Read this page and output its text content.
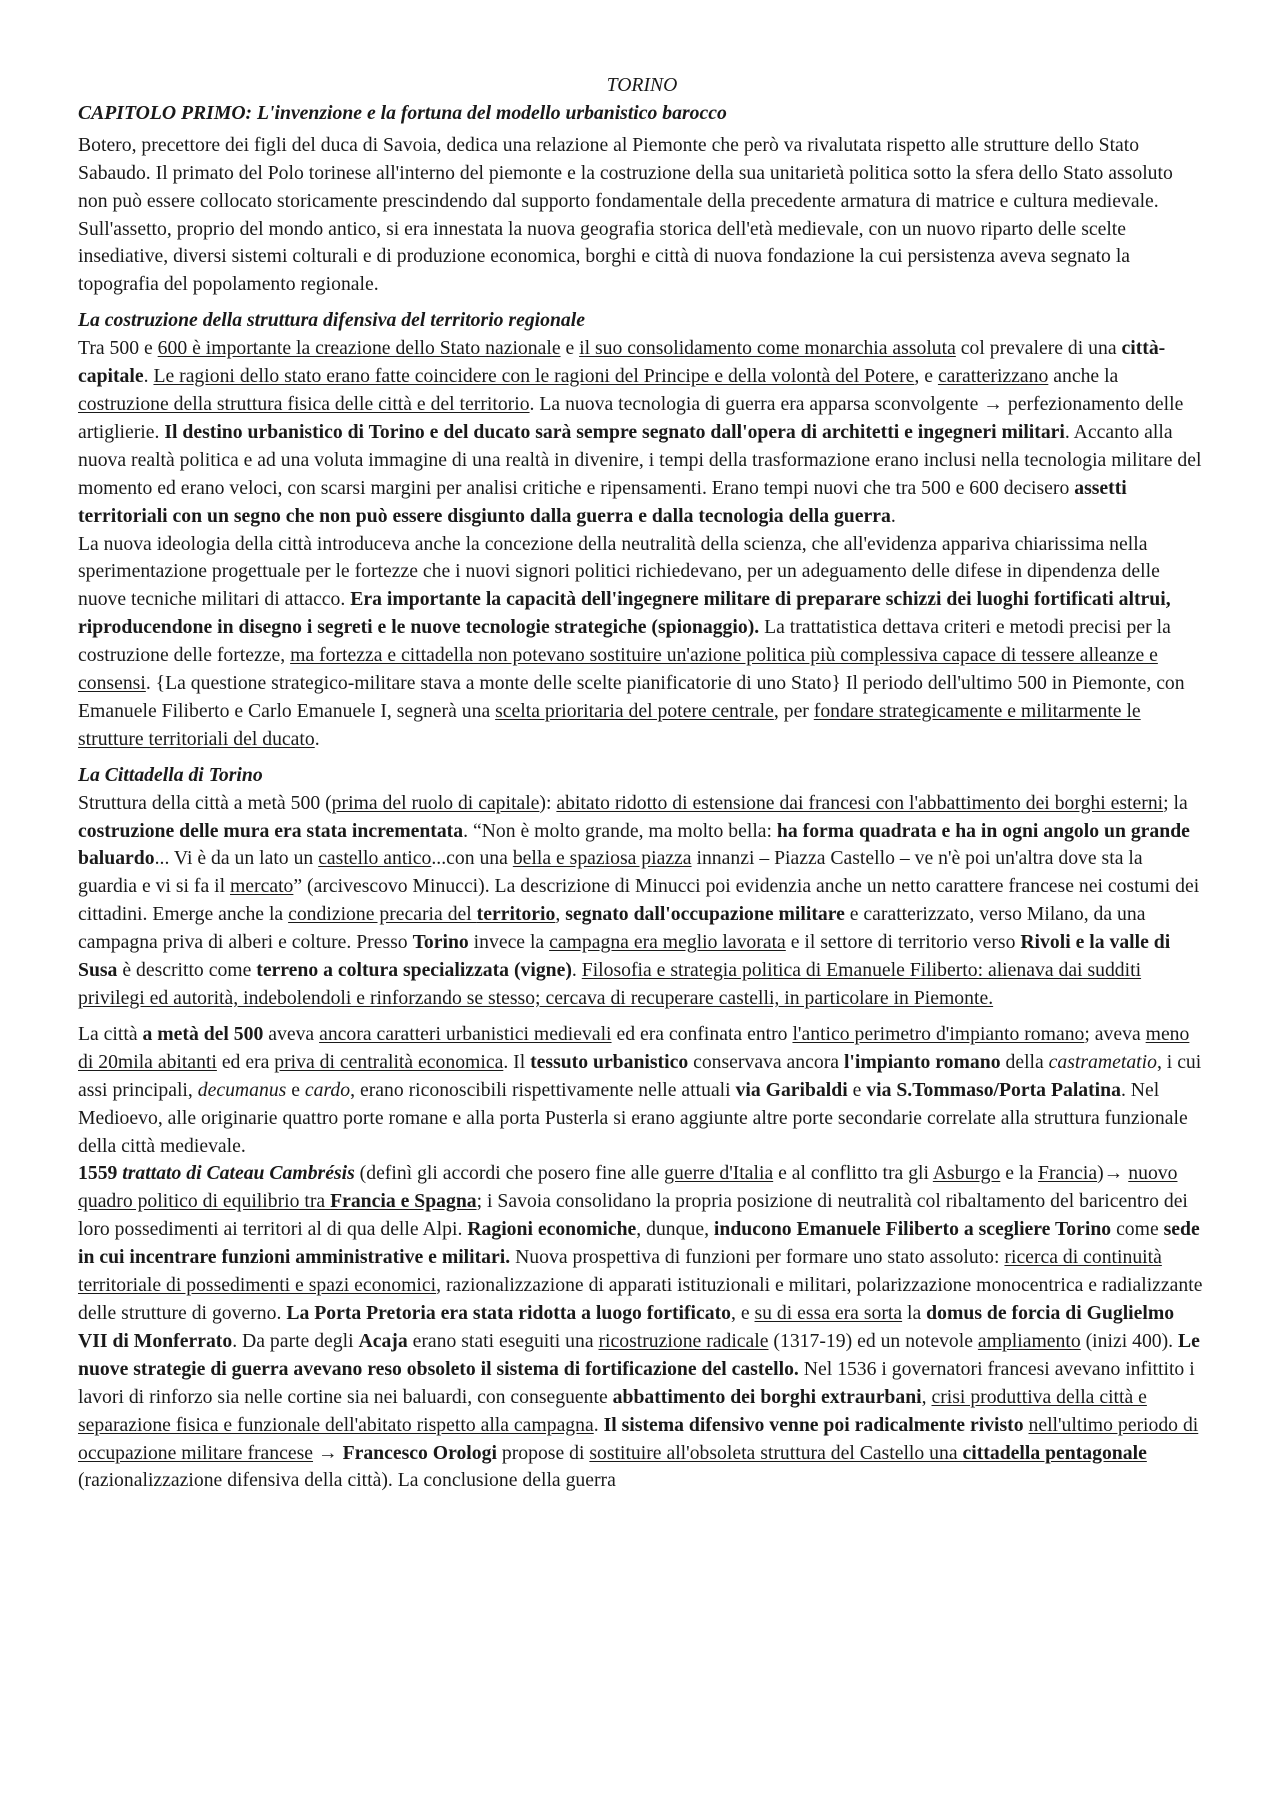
TORINO

CAPITOLO PRIMO: L'invenzione e la fortuna del modello urbanistico barocco

Botero, precettore dei figli del duca di Savoia, dedica una relazione al Piemonte che però va rivalutata rispetto alle strutture dello Stato Sabaudo. Il primato del Polo torinese all'interno del piemonte e la costruzione della sua unitarietà politica sotto la sfera dello Stato assoluto non può essere collocato storicamente prescindendo dal supporto fondamentale della precedente armatura di matrice e cultura medievale. Sull'assetto, proprio del mondo antico, si era innestata la nuova geografia storica dell'età medievale, con un nuovo riparto delle scelte insediative, diversi sistemi colturali e di produzione economica, borghi e città di nuova fondazione la cui persistenza aveva segnato la topografia del popolamento regionale.

La costruzione della struttura difensiva del territorio regionale

Tra 500 e 600 è importante la creazione dello Stato nazionale e il suo consolidamento come monarchia assoluta col prevalere di una città-capitale. Le ragioni dello stato erano fatte coincidere con le ragioni del Principe e della volontà del Potere, e caratterizzano anche la costruzione della struttura fisica delle città e del territorio. La nuova tecnologia di guerra era apparsa sconvolgente → perfezionamento delle artiglierie. Il destino urbanistico di Torino e del ducato sarà sempre segnato dall'opera di architetti e ingegneri militari. Accanto alla nuova realtà politica e ad una voluta immagine di una realtà in divenire, i tempi della trasformazione erano inclusi nella tecnologia militare del momento ed erano veloci, con scarsi margini per analisi critiche e ripensamenti. Erano tempi nuovi che tra 500 e 600 decisero assetti territoriali con un segno che non può essere disgiunto dalla guerra e dalla tecnologia della guerra.

La nuova ideologia della città introduceva anche la concezione della neutralità della scienza, che all'evidenza appariva chiarissima nella sperimentazione progettuale per le fortezze che i nuovi signori politici richiedevano, per un adeguamento delle difese in dipendenza delle nuove tecniche militari di attacco. Era importante la capacità dell'ingegnere militare di preparare schizzi dei luoghi fortificati altrui, riproducendone in disegno i segreti e le nuove tecnologie strategiche (spionaggio). La trattatistica dettava criteri e metodi precisi per la costruzione delle fortezze, ma fortezza e cittadella non potevano sostituire un'azione politica più complessiva capace di tessere alleanze e consensi. {La questione strategico-militare stava a monte delle scelte pianificatorie di uno Stato} Il periodo dell'ultimo 500 in Piemonte, con Emanuele Filiberto e Carlo Emanuele I, segnerà una scelta prioritaria del potere centrale, per fondare strategicamente e militarmente le strutture territoriali del ducato.

La Cittadella di Torino

Struttura della città a metà 500 (prima del ruolo di capitale): abitato ridotto di estensione dai francesi con l'abbattimento dei borghi esterni; la costruzione delle mura era stata incrementata. “Non è molto grande, ma molto bella: ha forma quadrata e ha in ogni angolo un grande baluardo... Vi è da un lato un castello antico...con una bella e spaziosa piazza innanzi – Piazza Castello – ve n'è poi un'altra dove sta la guardia e vi si fa il mercato” (arcivescovo Minucci). La descrizione di Minucci poi evidenzia anche un netto carattere francese nei costumi dei cittadini. Emerge anche la condizione precaria del territorio, segnato dall'occupazione militare e caratterizzato, verso Milano, da una campagna priva di alberi e colture. Presso Torino invece la campagna era meglio lavorata e il settore di territorio verso Rivoli e la valle di Susa è descritto come terreno a coltura specializzata (vigne). Filosofia e strategia politica di Emanuele Filiberto: alienava dai sudditi privilegi ed autorità, indebolendoli e rinforzando se stesso; cercava di recuperare castelli, in particolare in Piemonte.

La città a metà del 500 aveva ancora caratteri urbanistici medievali ed era confinata entro l'antico perimetro d'impianto romano; aveva meno di 20mila abitanti ed era priva di centralità economica. Il tessuto urbanistico conservava ancora l'impianto romano della castrametatio, i cui assi principali, decumanus e cardo, erano riconoscibili rispettivamente nelle attuali via Garibaldi e via S.Tommaso/Porta Palatina. Nel Medioevo, alle originarie quattro porte romane e alla porta Pusterla si erano aggiunte altre porte secondarie correlate alla struttura funzionale della città medievale.

1559 trattato di Cateau Cambrésis (definì gli accordi che posero fine alle guerre d'Italia e al conflitto tra gli Asburgo e la Francia)→ nuovo quadro politico di equilibrio tra Francia e Spagna; i Savoia consolidano la propria posizione di neutralità col ribaltamento del baricentro dei loro possedimenti ai territori al di qua delle Alpi. Ragioni economiche, dunque, inducono Emanuele Filiberto a scegliere Torino come sede in cui incentrare funzioni amministrative e militari. Nuova prospettiva di funzioni per formare uno stato assoluto: ricerca di continuità territoriale di possedimenti e spazi economici, razionalizzazione di apparati istituzionali e militari, polarizzazione monocentrica e radializzante delle strutture di governo. La Porta Pretoria era stata ridotta a luogo fortificato, e su di essa era sorta la domus de forcia di Guglielmo VII di Monferrato. Da parte degli Acaja erano stati eseguiti una ricostruzione radicale (1317-19) ed un notevole ampliamento (inizi 400). Le nuove strategie di guerra avevano reso obsoleto il sistema di fortificazione del castello. Nel 1536 i governatori francesi avevano infittito i lavori di rinforzo sia nelle cortine sia nei baluardi, con conseguente abbattimento dei borghi extraurbani, crisi produttiva della città e separazione fisica e funzionale dell'abitato rispetto alla campagna. Il sistema difensivo venne poi radicalmente rivisto nell'ultimo periodo di occupazione militare francese → Francesco Orologi propose di sostituire all'obsoleta struttura del Castello una cittadella pentagonale (razionalizzazione difensiva della città). La conclusione della guerra
